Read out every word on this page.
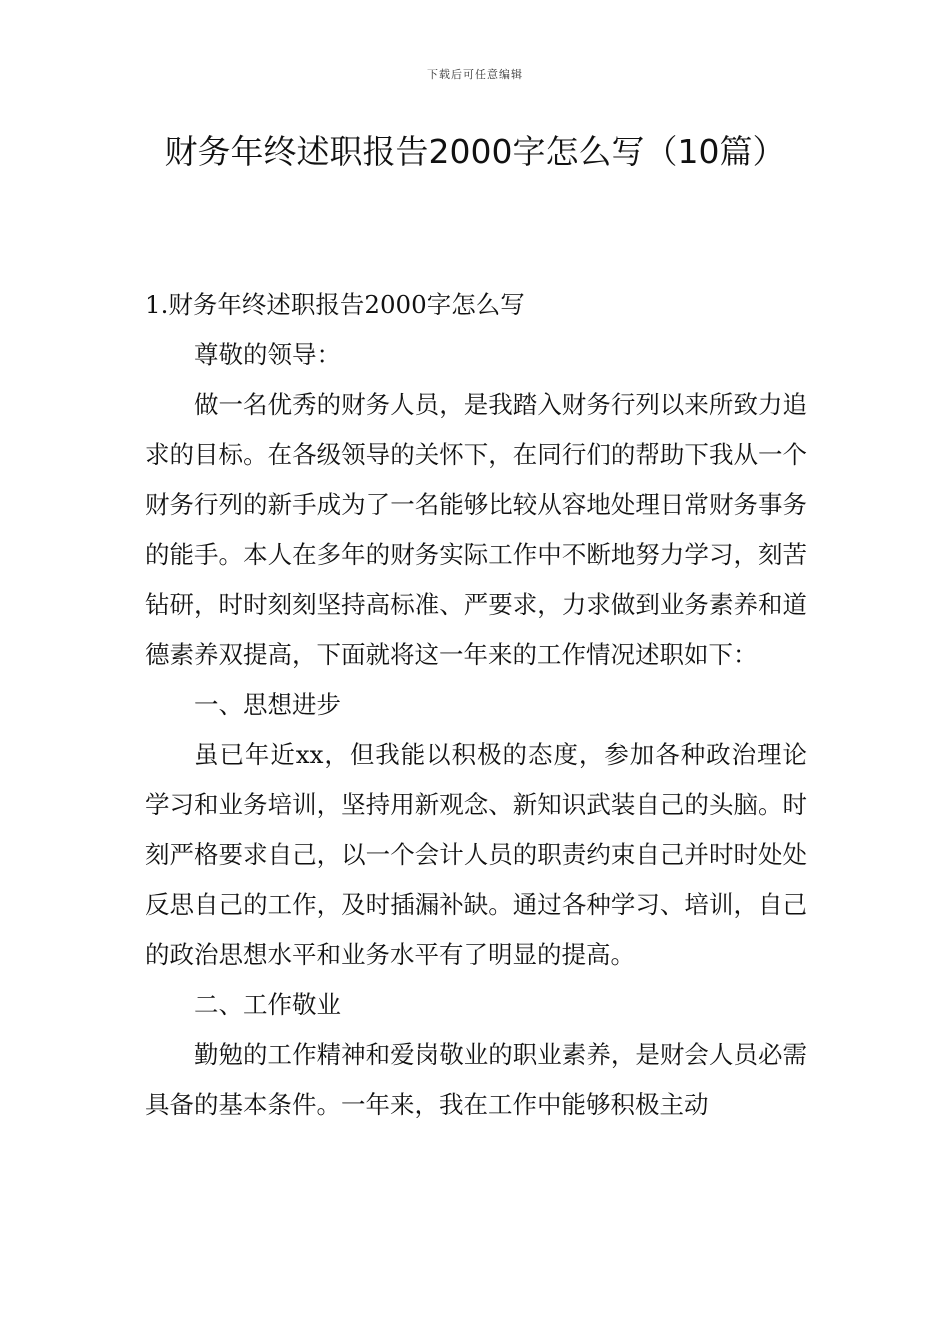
下载后可任意编辑
财务年终述职报告2000字怎么写（10篇）

1.财务年终述职报告2000字怎么写

尊敬的领导：

做一名优秀的财务人员，是我踏入财务行列以来所致力追求的目标。在各级领导的关怀下，在同行们的帮助下我从一个财务行列的新手成为了一名能够比较从容地处理日常财务事务的能手。本人在多年的财务实际工作中不断地努力学习，刻苦钻研，时时刻刻坚持高标准、严要求，力求做到业务素养和道德素养双提高，下面就将这一年来的工作情况述职如下：

一、思想进步

虽已年近xx，但我能以积极的态度，参加各种政治理论学习和业务培训，坚持用新观念、新知识武装自己的头脑。时刻严格要求自己，以一个会计人员的职责约束自己并时时处处反思自己的工作，及时插漏补缺。通过各种学习、培训，自己的政治思想水平和业务水平有了明显的提高。

二、工作敬业

勤勉的工作精神和爱岗敬业的职业素养，是财会人员必需具备的基本条件。一年来，我在工作中能够积极主动
